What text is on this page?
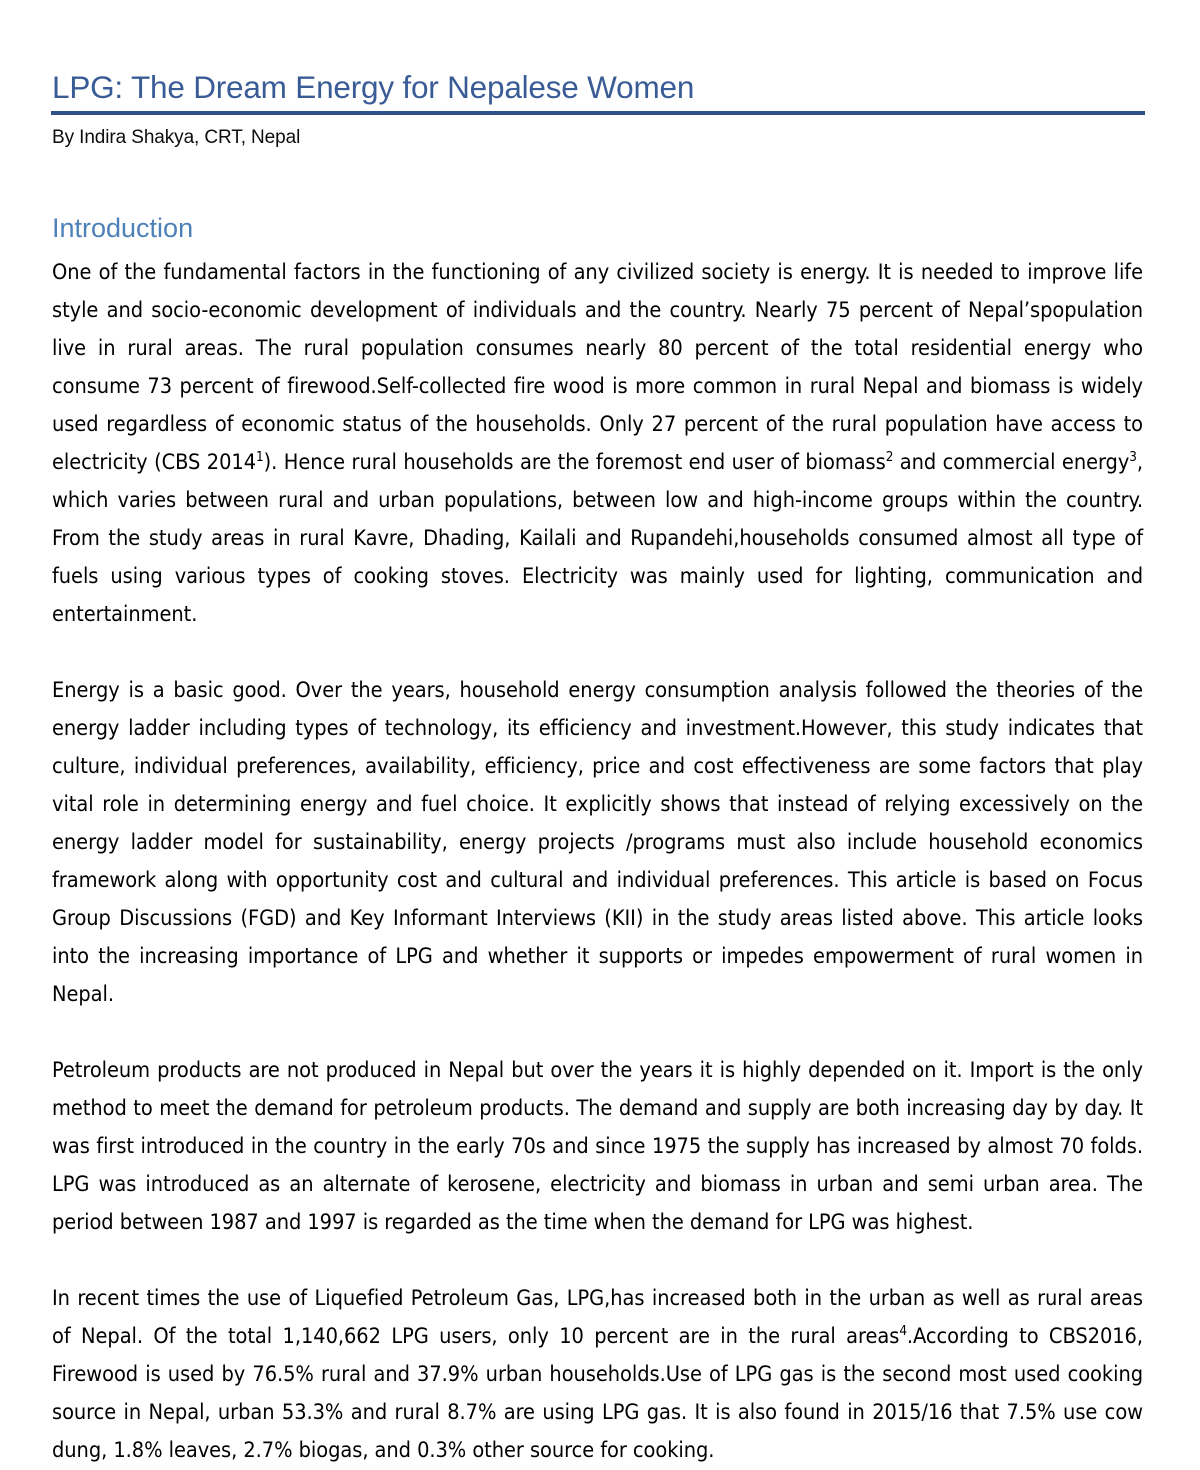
LPG: The Dream Energy for Nepalese Women
By Indira Shakya, CRT, Nepal
Introduction

One of the fundamental factors in the functioning of any civilized society is energy. It is needed to improve life style and socio-economic development of individuals and the country. Nearly 75 percent of Nepal’spopulation live in rural areas. The rural population consumes nearly 80 percent of the total residential energy who consume 73 percent of firewood.Self-collected fire wood is more common in rural Nepal and biomass is widely used regardless of economic status of the households. Only 27 percent of the rural population have access to electricity (CBS 2014$^1$). Hence rural households are the foremost end user of biomass$^2$ and commercial energy$^3$, which varies between rural and urban populations, between low and high-income groups within the country. From the study areas in rural Kavre, Dhading, Kailali and Rupandehi,households consumed almost all type of fuels using various types of cooking stoves. Electricity was mainly used for lighting, communication and entertainment.

Energy is a basic good. Over the years, household energy consumption analysis followed the theories of the energy ladder including types of technology, its efficiency and investment.However, this study indicates that culture, individual preferences, availability, efficiency, price and cost effectiveness are some factors that play vital role in determining energy and fuel choice. It explicitly shows that instead of relying excessively on the energy ladder model for sustainability, energy projects /programs must also include household economics framework along with opportunity cost and cultural and individual preferences. This article is based on Focus Group Discussions (FGD) and Key Informant Interviews (KII) in the study areas listed above. This article looks into the increasing importance of LPG and whether it supports or impedes empowerment of rural women in Nepal.

Petroleum products are not produced in Nepal but over the years it is highly depended on it. Import is the only method to meet the demand for petroleum products. The demand and supply are both increasing day by day. It was first introduced in the country in the early 70s and since 1975 the supply has increased by almost 70 folds. LPG was introduced as an alternate of kerosene, electricity and biomass in urban and semi urban area. The period between 1987 and 1997 is regarded as the time when the demand for LPG was highest.

In recent times the use of Liquefied Petroleum Gas, LPG,has increased both in the urban as well as rural areas of Nepal. Of the total 1,140,662 LPG users, only 10 percent are in the rural areas$^4$.According to CBS2016, Firewood is used by 76.5% rural and 37.9% urban households.Use of LPG gas is the second most used cooking source in Nepal, urban 53.3% and rural 8.7% are using LPG gas. It is also found in 2015/16 that 7.5% use cow dung, 1.8% leaves, 2.7% biogas, and 0.3% other source for cooking.
